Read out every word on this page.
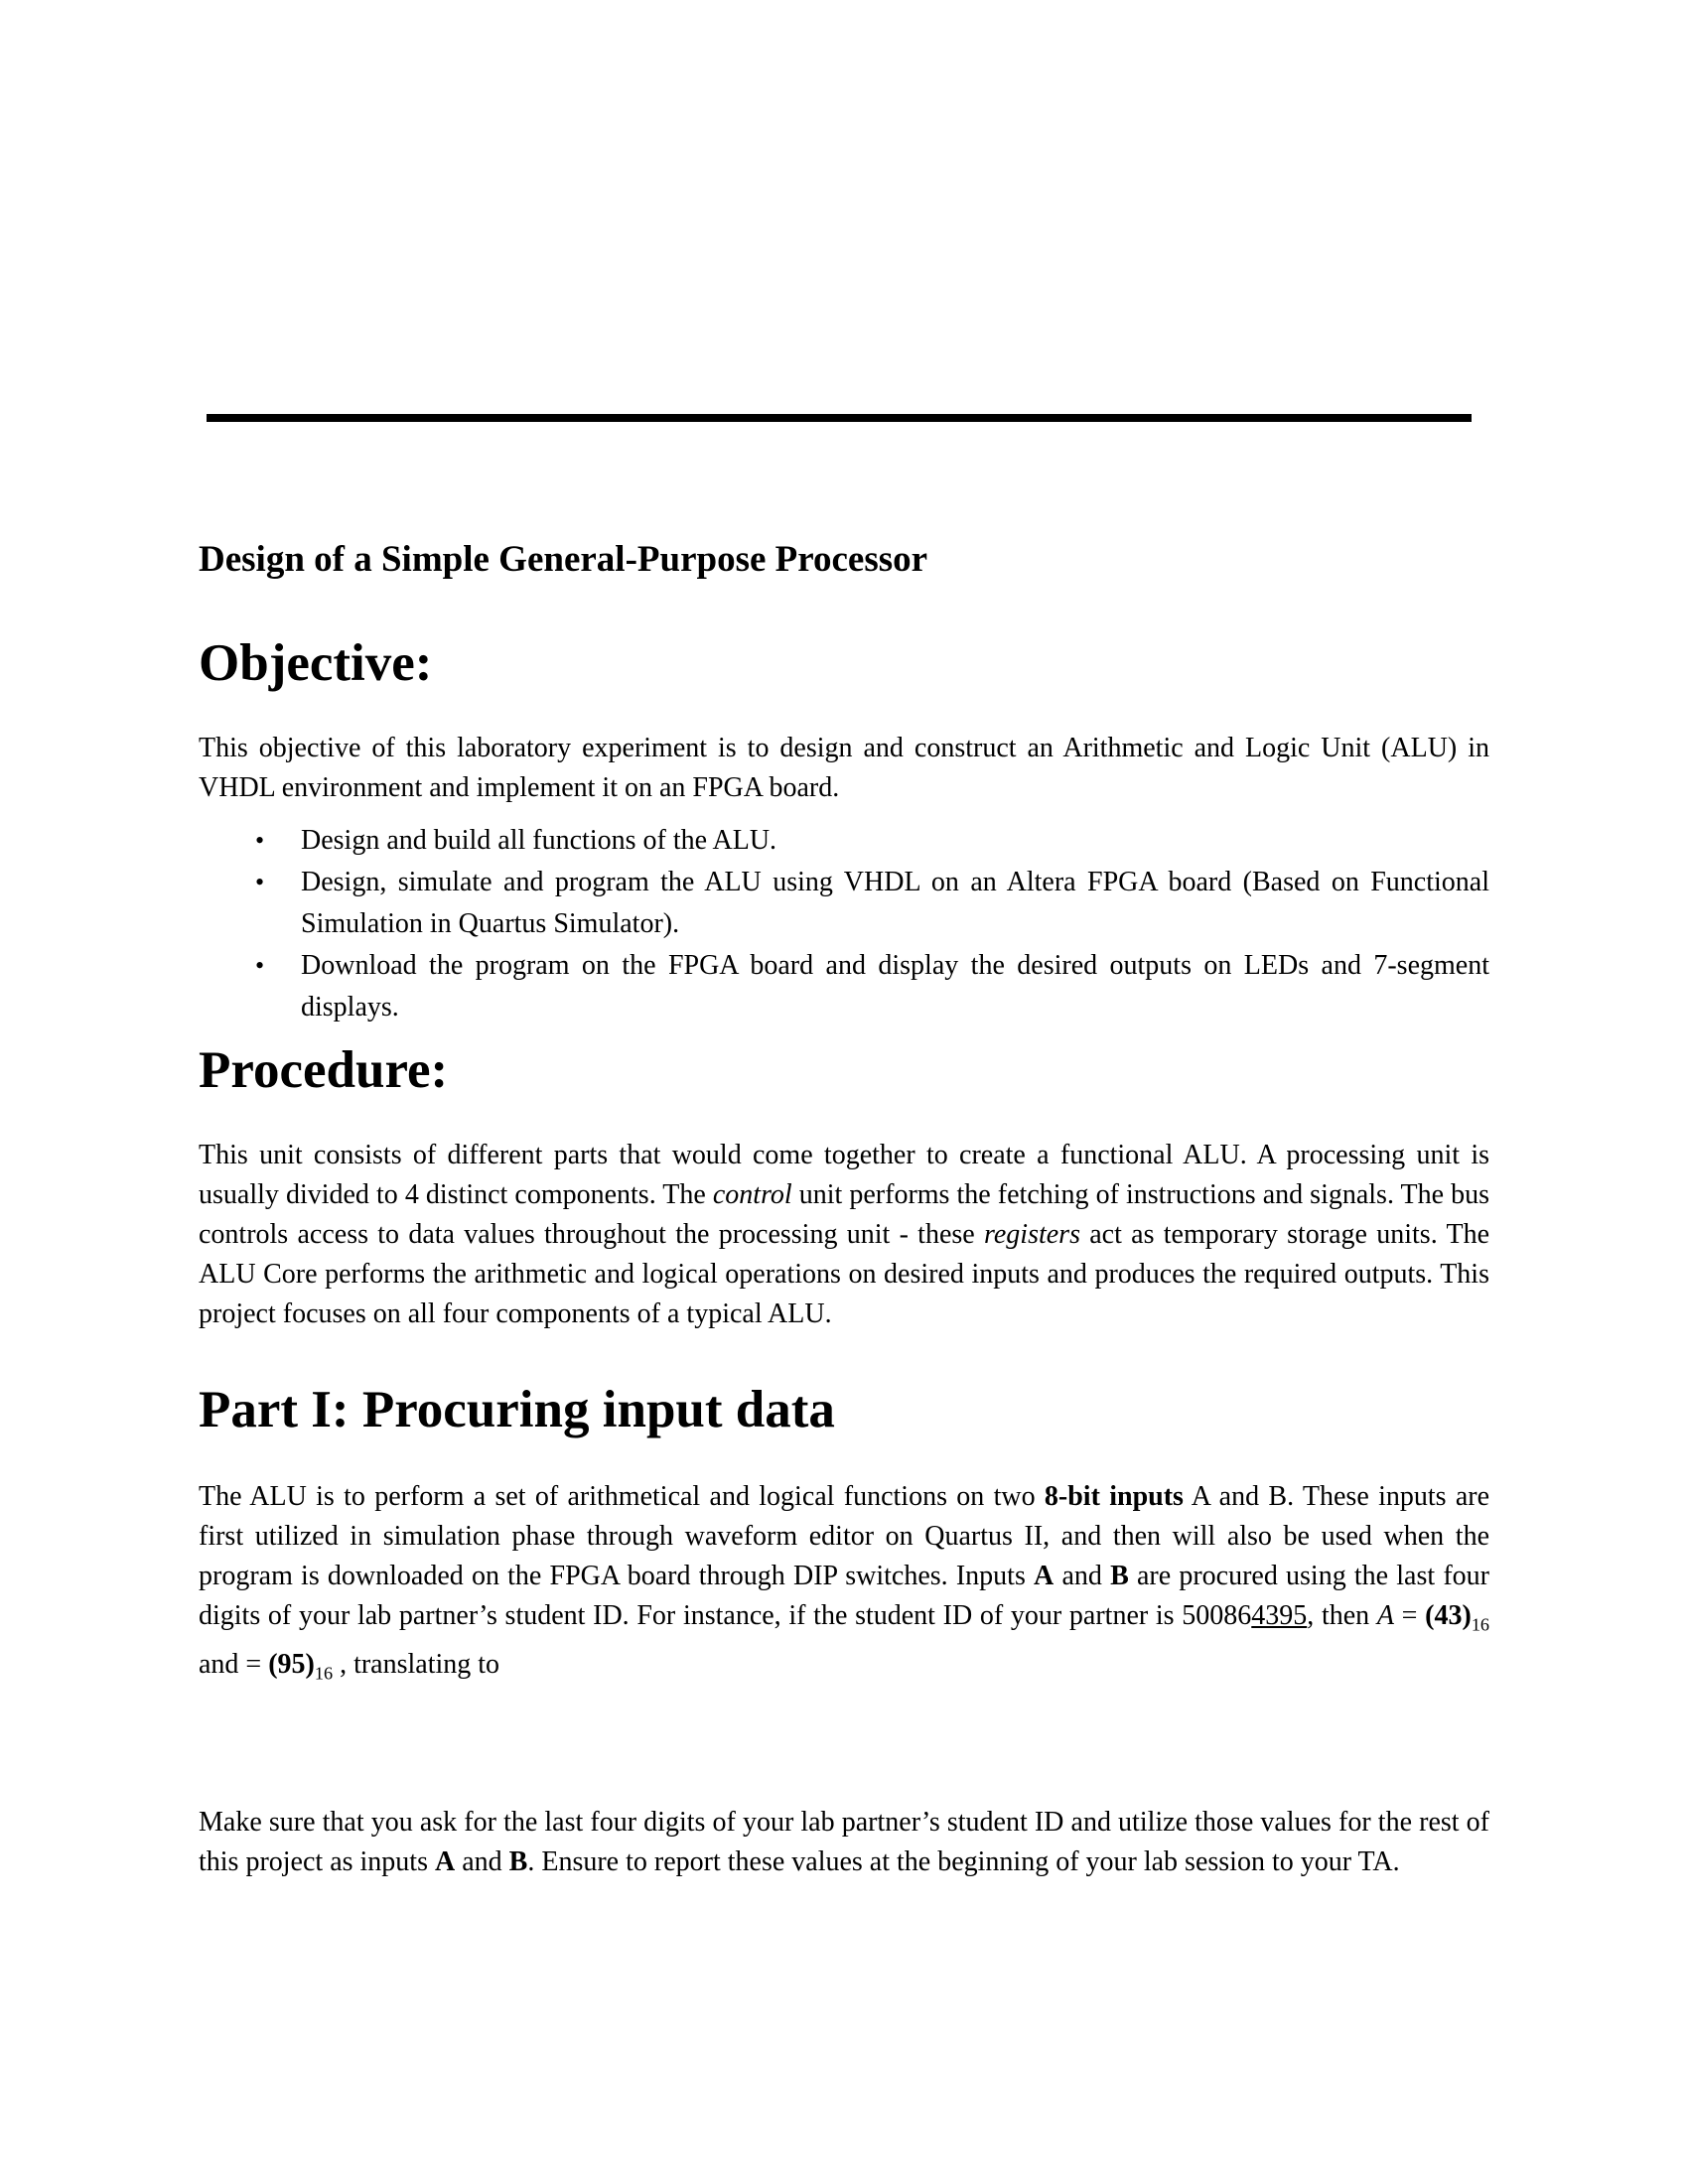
Design of a Simple General-Purpose Processor
Objective:

This objective of this laboratory experiment is to design and construct an Arithmetic and Logic Unit (ALU) in VHDL environment and implement it on an FPGA board.

• Design and build all functions of the ALU.
• Design, simulate and program the ALU using VHDL on an Altera FPGA board (Based on Functional Simulation in Quartus Simulator).
• Download the program on the FPGA board and display the desired outputs on LEDs and 7-segment displays.
Procedure:

This unit consists of different parts that would come together to create a functional ALU. A processing unit is usually divided to 4 distinct components. The control unit performs the fetching of instructions and signals. The bus controls access to data values throughout the processing unit - these registers act as temporary storage units. The ALU Core performs the arithmetic and logical operations on desired inputs and produces the required outputs. This project focuses on all four components of a typical ALU.

Part I: Procuring input data

The ALU is to perform a set of arithmetical and logical functions on two 8-bit inputs A and B. These inputs are first utilized in simulation phase through waveform editor on Quartus II, and then will also be used when the program is downloaded on the FPGA board through DIP switches. Inputs A and B are procured using the last four digits of your lab partner’s student ID. For instance, if the student ID of your partner is 500864395, then $A = (43)_{16}$ and = $(95)_{16}$ , translating to

Make sure that you ask for the last four digits of your lab partner’s student ID and utilize those values for the rest of this project as inputs A and B. Ensure to report these values at the beginning of your lab session to your TA.
